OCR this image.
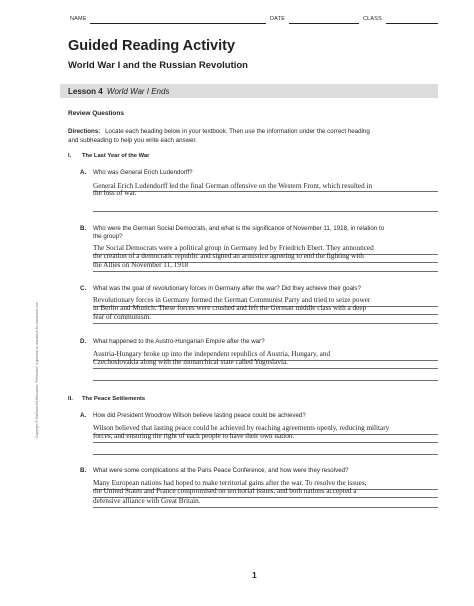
NAME	DATE	CLASS
Guided Reading Activity
World War I and the Russian Revolution
Lesson 4 World War I Ends
Review Questions
Directions: Locate each heading below in your textbook. Then use the information under the correct heading
and subheading to help you write each answer.
I. The Last Year of the War
A. Who was General Erich Ludendorff?
General Erich Ludendorff led the final German offensive on the Western Front, which resulted in
the loss of war.
B. Who were the German Social Democrats, and what is the significance of November 11, 1918, in relation to
the group?
The Social Democrats were a political group in Germany led by Friedrich Ebert. They announced
the creation of a democratic republic and signed an armistice agreeing to end the fighting with
the Allies on November 11, 1918
C. What was the goal of revolutionary forces in Germany after the war? Did they achieve their goals?
Revolutionary forces in Germany formed the German Communist Party and tried to seize power
in Berlin and Munich. These forces were crushed and left the German middle class with a deep
fear of communism.
D. What happened to the Austro-Hungarian Empire after the war?
Austria-Hungary broke up into the independent republics of Austria, Hungary, and
Czechoslovakia along with the monarchical state called Yugoslavia.
II. The Peace Settlements
A. How did President Woodrow Wilson believe lasting peace could be achieved?
Wilson believed that lasting peace could be achieved by reaching agreements openly, reducing military
forces, and ensuring the right of each people to have their own nation.
B. What were some complications at the Paris Peace Conference, and how were they resolved?
Many European nations had hoped to make territorial gains after the war. To resolve the issues,
the United States and France compromised on territorial issues, and both nations accepted a
defensive alliance with Great Britain.
Copyright © McGraw-Hill Education. Permission is granted to reproduce for classroom use.
1
